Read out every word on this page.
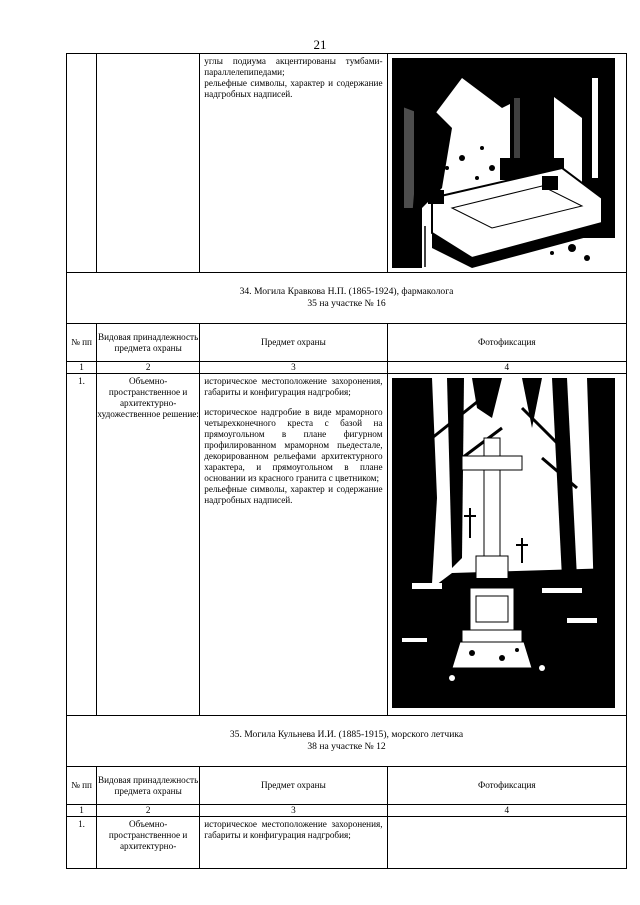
21

		углы подиума акцентированы тумбами-параллелепипедами;

рельефные символы, характер и содержание надгробных надписей.

34. Могила Кравкова Н.П. (1865-1924), фармаколога
35 на участке № 16			

№ пп	Видовая принадлежность предмета охраны	Предмет охраны	Фотофиксация
1	2	3	4
1.	Объемно-пространственное и архитектурно-художественное решение:	историческое местоположение захоронения, габариты и конфигурация надгробия;

историческое надгробие в виде мраморного четырехконечного креста с базой на прямоугольном в плане фигурном профилированном мраморном пьедестале, декорированном рельефами архитектурного характера, и прямоугольном в плане основании из красного гранита с цветником;

рельефные символы, характер и содержание надгробных надписей.

35. Могила Кульнева И.И. (1885-1915), морского летчика
38 на участке № 12			

№ пп	Видовая принадлежность предмета охраны	Предмет охраны	Фотофиксация
1	2	3	4
1.	Объемно-пространственное и архитектурно-	историческое местоположение захоронения, габариты и конфигурация надгробия;	
